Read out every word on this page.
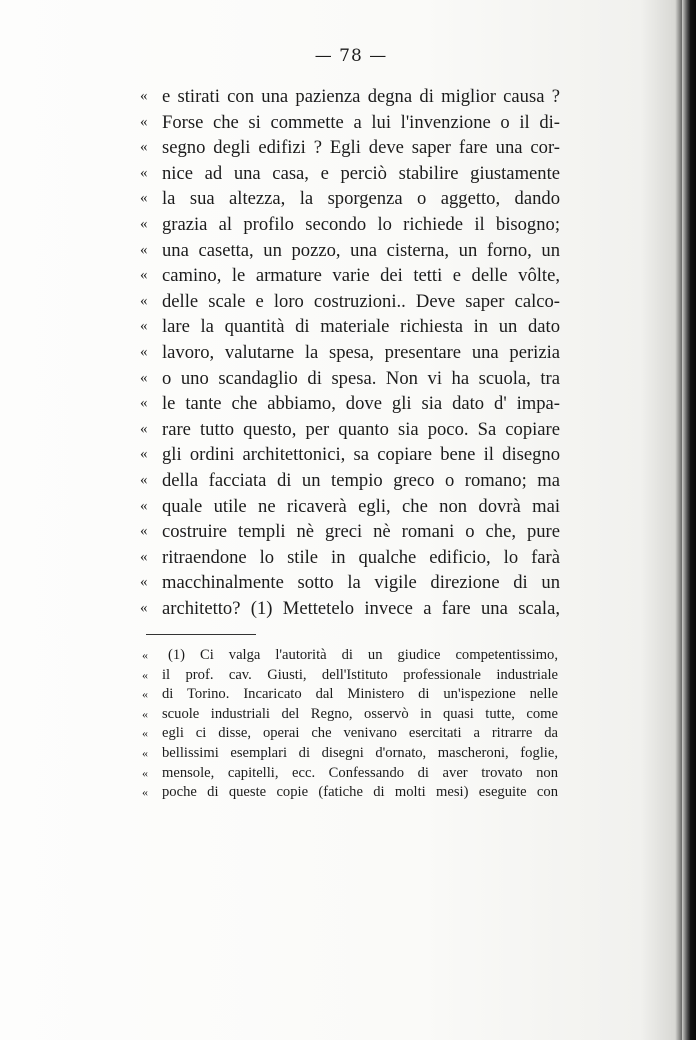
— 78 —
« e stirati con una pazienza degna di miglior causa ?
« Forse che si commette a lui l'invenzione o il di-
« segno degli edifizi ? Egli deve saper fare una cor-
« nice ad una casa, e perciò stabilire giustamente
« la sua altezza, la sporgenza o aggetto, dando
« grazia al profilo secondo lo richiede il bisogno;
« una casetta, un pozzo, una cisterna, un forno, un
« camino, le armature varie dei tetti e delle vôlte,
« delle scale e loro costruzioni.. Deve saper calco-
« lare la quantità di materiale richiesta in un dato
« lavoro, valutarne la spesa, presentare una perizia
« o uno scandaglio di spesa. Non vi ha scuola, tra
« le tante che abbiamo, dove gli sia dato d' impa-
« rare tutto questo, per quanto sia poco. Sa copiare
« gli ordini architettonici, sa copiare bene il disegno
« della facciata di un tempio greco o romano; ma
« quale utile ne ricaverà egli, che non dovrà mai
« costruire templi nè greci nè romani o che, pure
« ritraendone lo stile in qualche edificio, lo farà
« macchinalmente sotto la vigile direzione di un
« architetto? (1) Mettetelo invece a fare una scala,
«	(1) Ci valga l'autorità di un giudice competentissimo,
« il prof. cav. Giusti, dell'Istituto professionale industriale
« di Torino. Incaricato dal Ministero di un'ispezione nelle
« scuole industriali del Regno, osservò in quasi tutte, come
« egli ci disse, operai che venivano esercitati a ritrarre da
« bellissimi esemplari di disegni d'ornato, mascheroni, foglie,
« mensole, capitelli, ecc. Confessando di aver trovato non
« poche di queste copie (fatiche di molti mesi) eseguite con
